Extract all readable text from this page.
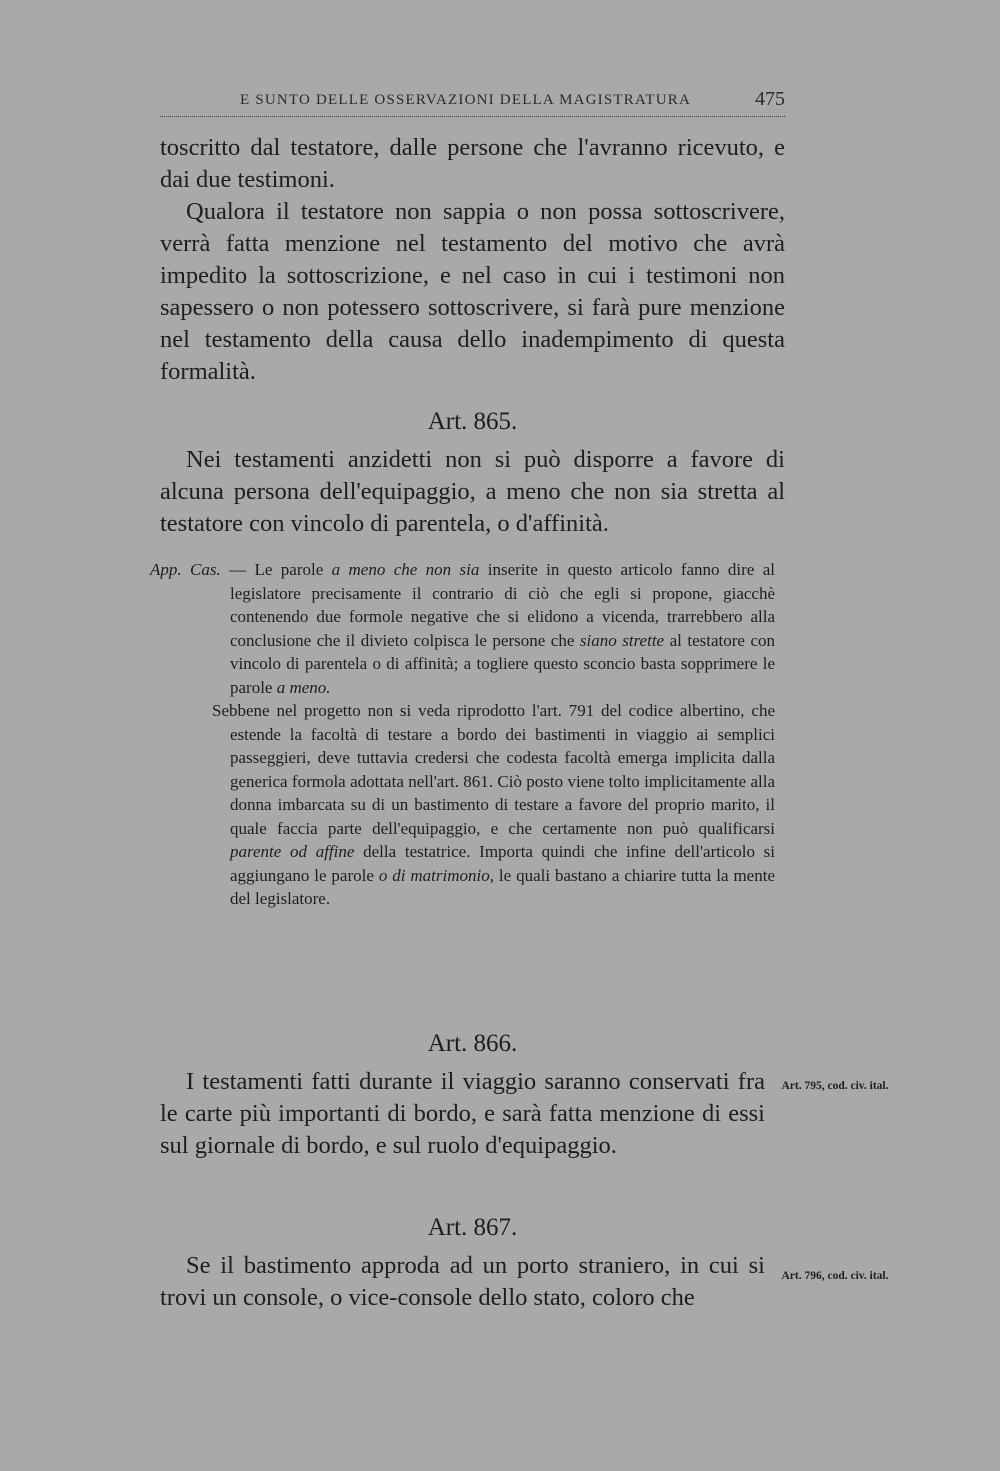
E SUNTO DELLE OSSERVAZIONI DELLA MAGISTRATURA	475

toscritto dal testatore, dalle persone che l'avranno ricevuto, e dai due testimoni.

Qualora il testatore non sappia o non possa sottoscrivere, verrà fatta menzione nel testamento del motivo che avrà impedito la sottoscrizione, e nel caso in cui i testimoni non sapessero o non potessero sottoscrivere, si farà pure menzione nel testamento della causa dello inadempimento di questa formalità.

Art. 865.

Nei testamenti anzidetti non si può disporre a favore di alcuna persona dell'equipaggio, a meno che non sia stretta al testatore con vincolo di parentela, o d'affinità.

App. Cas. — Le parole a meno che non sia inserite in questo articolo fanno dire al legislatore precisamente il contrario di ciò che egli si propone, giacchè contenendo due formole negative che si elidono a vicenda, trarrebbero alla conclusione che il divieto colpisca le persone che siano strette al testatore con vincolo di parentela o di affinità; a togliere questo sconcio basta sopprimere le parole a meno.

Sebbene nel progetto non si veda riprodotto l'art. 791 del codice albertino, che estende la facoltà di testare a bordo dei bastimenti in viaggio ai semplici passeggieri, deve tuttavia credersi che codesta facoltà emerga implicita dalla generica formola adottata nell'art. 861. Ciò posto viene tolto implicitamente alla donna imbarcata su di un bastimento di testare a favore del proprio marito, il quale faccia parte dell'equipaggio, e che certamente non può qualificarsi parente od affine della testatrice. Importa quindi che infine dell'articolo si aggiungano le parole o di matrimonio, le quali bastano a chiarire tutta la mente del legislatore.

Art. 866.

I testamenti fatti durante il viaggio saranno conservati fra le carte più importanti di bordo, e sarà fatta menzione di essi sul giornale di bordo, e sul ruolo d'equipaggio.

Art. 795, cod. civ. ital.
Art. 867.

Se il bastimento approda ad un porto straniero, in cui si trovi un console, o vice-console dello stato, coloro che

Art. 796, cod. civ. ital.
